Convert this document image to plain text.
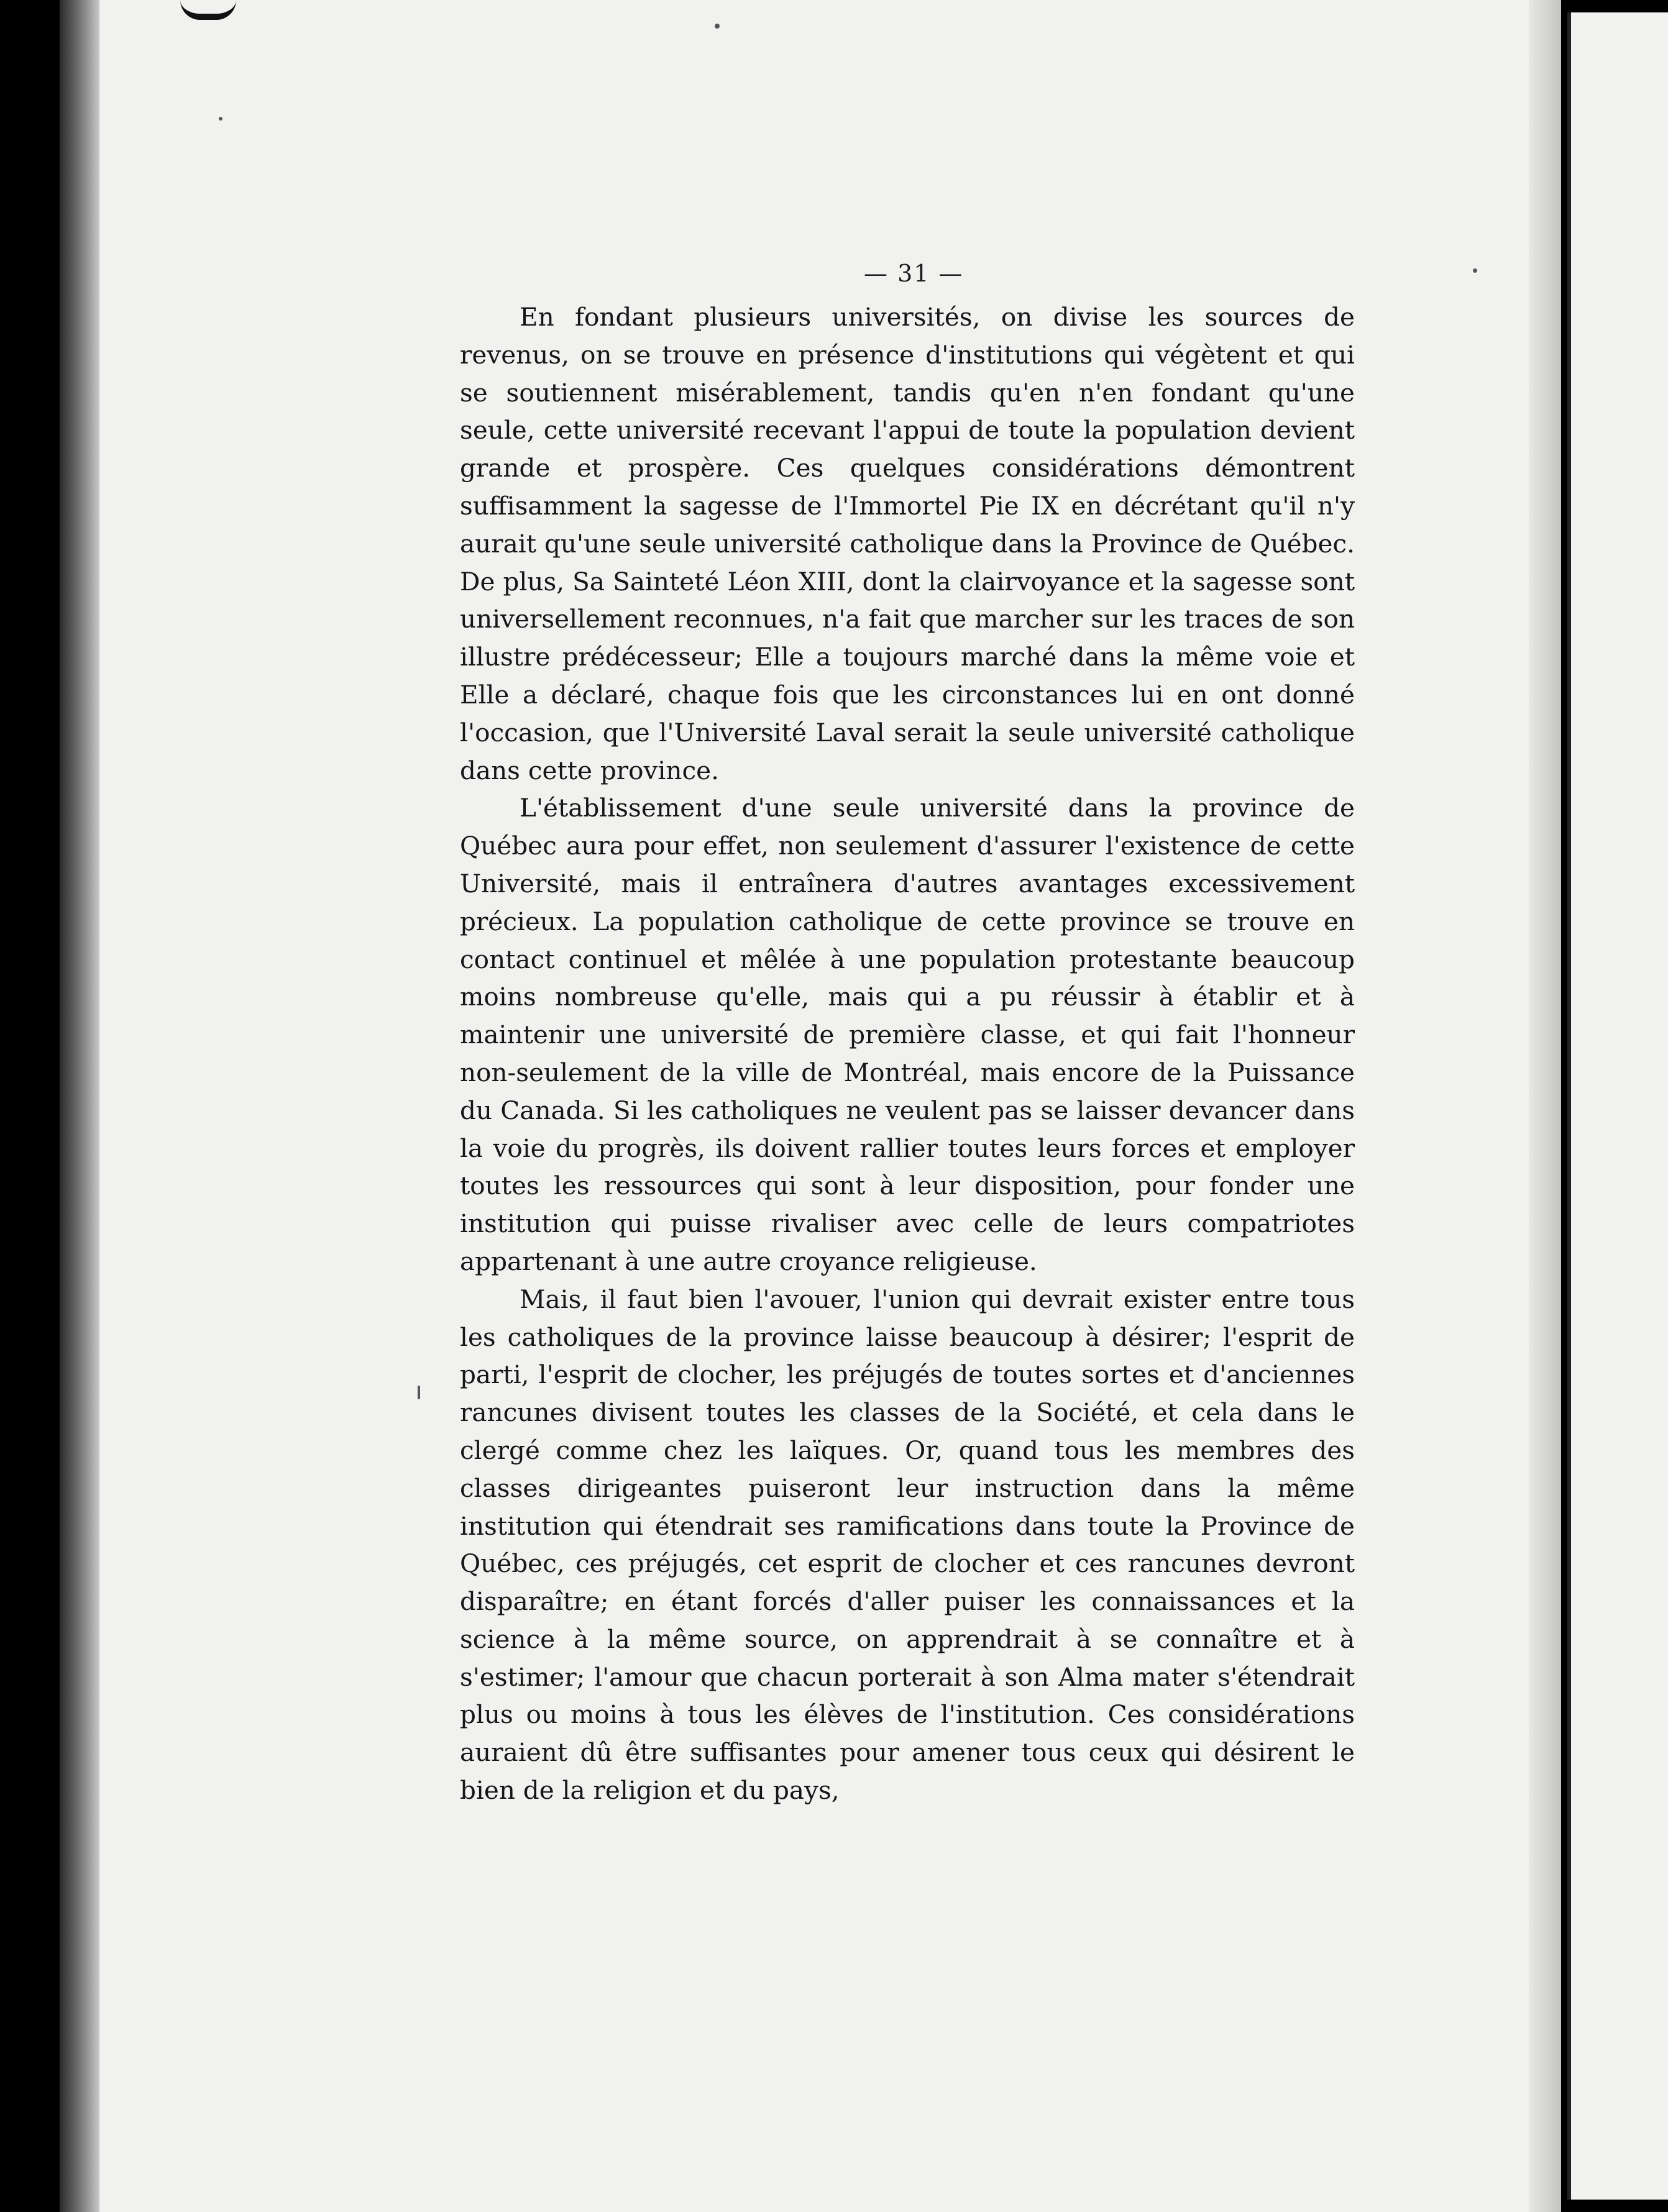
— 31 —

En fondant plusieurs universités, on divise les sources de revenus, on se trouve en présence d'institutions qui végètent et qui se soutiennent misérablement, tandis qu'en n'en fondant qu'une seule, cette université recevant l'appui de toute la population devient grande et prospère. Ces quelques considérations démontrent suffisamment la sagesse de l'Immortel Pie IX en décrétant qu'il n'y aurait qu'une seule université catholique dans la Province de Québec. De plus, Sa Sainteté Léon XIII, dont la clairvoyance et la sagesse sont universellement reconnues, n'a fait que marcher sur les traces de son illustre prédécesseur; Elle a toujours marché dans la même voie et Elle a déclaré, chaque fois que les circonstances lui en ont donné l'occasion, que l'Université Laval serait la seule université catholique dans cette province.

L'établissement d'une seule université dans la province de Québec aura pour effet, non seulement d'assurer l'existence de cette Université, mais il entraînera d'autres avantages excessivement précieux. La population catholique de cette province se trouve en contact continuel et mêlée à une population protestante beaucoup moins nombreuse qu'elle, mais qui a pu réussir à établir et à maintenir une université de première classe, et qui fait l'honneur non-seulement de la ville de Montréal, mais encore de la Puissance du Canada. Si les catholiques ne veulent pas se laisser devancer dans la voie du progrès, ils doivent rallier toutes leurs forces et employer toutes les ressources qui sont à leur disposition, pour fonder une institution qui puisse rivaliser avec celle de leurs compatriotes appartenant à une autre croyance religieuse.

Mais, il faut bien l'avouer, l'union qui devrait exister entre tous les catholiques de la province laisse beaucoup à désirer; l'esprit de parti, l'esprit de clocher, les préjugés de toutes sortes et d'anciennes rancunes divisent toutes les classes de la Société, et cela dans le clergé comme chez les laïques. Or, quand tous les membres des classes dirigeantes puiseront leur instruction dans la même institution qui étendrait ses ramifications dans toute la Province de Québec, ces préjugés, cet esprit de clocher et ces rancunes devront disparaître; en étant forcés d'aller puiser les connaissances et la science à la même source, on apprendrait à se connaître et à s'estimer; l'amour que chacun porterait à son Alma mater s'étendrait plus ou moins à tous les élèves de l'institution. Ces considérations auraient dû être suffisantes pour amener tous ceux qui désirent le bien de la religion et du pays,
